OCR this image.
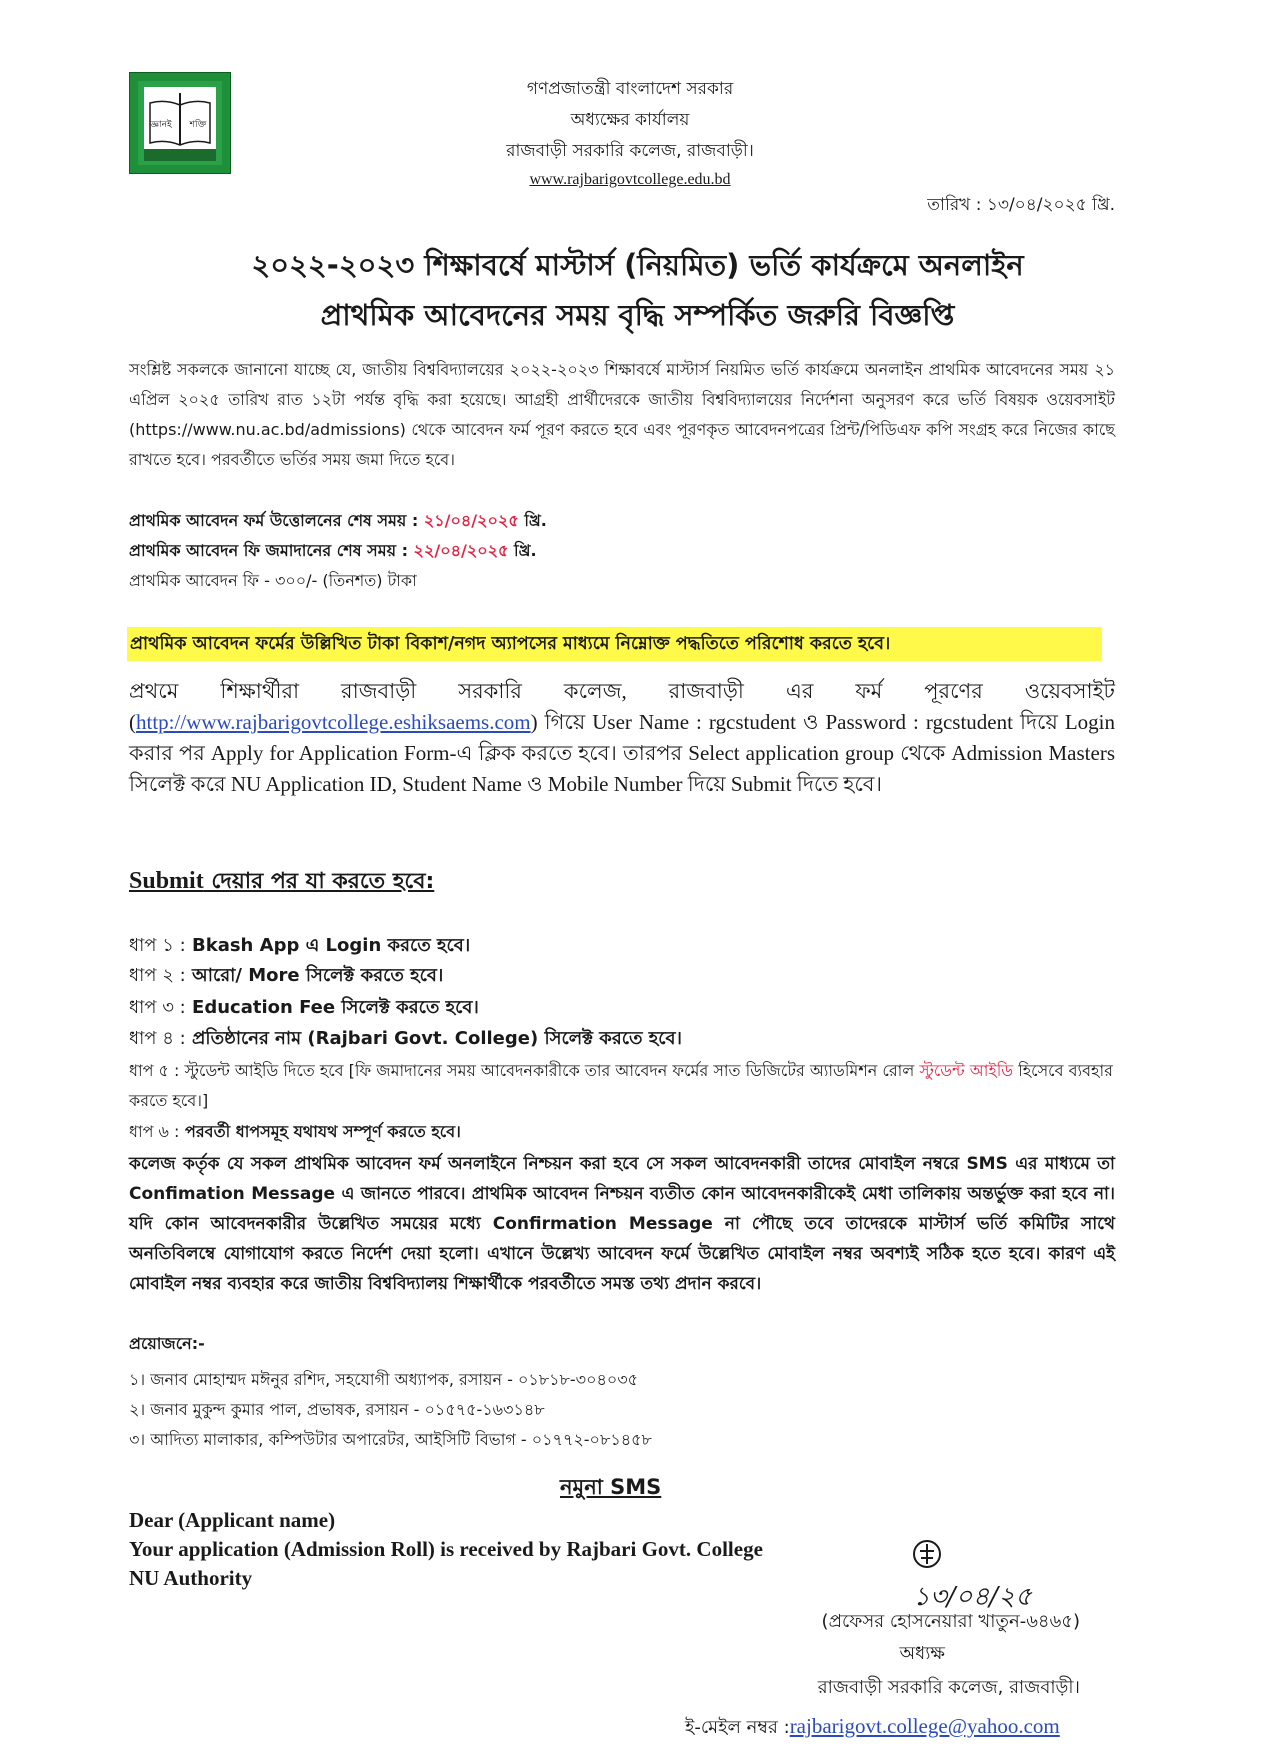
জ্ঞানই শক্তি
গণপ্রজাতন্ত্রী বাংলাদেশ সরকার
অধ্যক্ষের কার্যালয়
রাজবাড়ী সরকারি কলেজ, রাজবাড়ী।
www.rajbarigovtcollege.edu.bd
তারিখ : ১৩/০৪/২০২৫ খ্রি.
২০২২-২০২৩ শিক্ষাবর্ষে মাস্টার্স (নিয়মিত) ভর্তি কার্যক্রমে অনলাইন
প্রাথমিক আবেদনের সময় বৃদ্ধি সম্পর্কিত জরুরি বিজ্ঞপ্তি
সংশ্লিষ্ট সকলকে জানানো যাচ্ছে যে, জাতীয় বিশ্ববিদ্যালয়ের ২০২২-২০২৩ শিক্ষাবর্ষে মাস্টার্স নিয়মিত ভর্তি কার্যক্রমে অনলাইন প্রাথমিক আবেদনের সময় ২১ এপ্রিল ২০২৫ তারিখ রাত ১২টা পর্যন্ত বৃদ্ধি করা হয়েছে। আগ্রহী প্রার্থীদেরকে জাতীয় বিশ্ববিদ্যালয়ের নির্দেশনা অনুসরণ করে ভর্তি বিষয়ক ওয়েবসাইট (https://www.nu.ac.bd/admissions) থেকে আবেদন ফর্ম পূরণ করতে হবে এবং পূরণকৃত আবেদনপত্রের প্রিন্ট/পিডিএফ কপি সংগ্রহ করে নিজের কাছে রাখতে হবে। পরবর্তীতে ভর্তির সময় জমা দিতে হবে।
প্রাথমিক আবেদন ফর্ম উত্তোলনের শেষ সময় : ২১/০৪/২০২৫ খ্রি.
প্রাথমিক আবেদন ফি জমাদানের শেষ সময় : ২২/০৪/২০২৫ খ্রি.
প্রাথমিক আবেদন ফি - ৩০০/- (তিনশত) টাকা
প্রাথমিক আবেদন ফর্মের উল্লিখিত টাকা বিকাশ/নগদ অ্যাপসের মাধ্যমে নিম্নোক্ত পদ্ধতিতে পরিশোধ করতে হবে।
প্রথমে শিক্ষার্থীরা রাজবাড়ী সরকারি কলেজ, রাজবাড়ী এর ফর্ম পূরণের ওয়েবসাইট (http://www.rajbarigovtcollege.eshiksaems.com) গিয়ে User Name : rgcstudent ও Password : rgcstudent দিয়ে Login করার পর Apply for Application Form-এ ক্লিক করতে হবে। তারপর Select application group থেকে Admission Masters সিলেক্ট করে NU Application ID, Student Name ও Mobile Number দিয়ে Submit দিতে হবে।
Submit দেয়ার পর যা করতে হবে:
ধাপ ১ : Bkash App এ Login করতে হবে।
ধাপ ২ : আরো/ More সিলেক্ট করতে হবে।
ধাপ ৩ : Education Fee সিলেক্ট করতে হবে।
ধাপ ৪ : প্রতিষ্ঠানের নাম (Rajbari Govt. College) সিলেক্ট করতে হবে।
ধাপ ৫ : স্টুডেন্ট আইডি দিতে হবে [ফি জমাদানের সময় আবেদনকারীকে তার আবেদন ফর্মের সাত ডিজিটের অ্যাডমিশন রোল স্টুডেন্ট আইডি হিসেবে ব্যবহার করতে হবে।]
ধাপ ৬ : পরবর্তী ধাপসমূহ যথাযথ সম্পূর্ণ করতে হবে।
কলেজ কর্তৃক যে সকল প্রাথমিক আবেদন ফর্ম অনলাইনে নিশ্চয়ন করা হবে সে সকল আবেদনকারী তাদের মোবাইল নম্বরে SMS এর মাধ্যমে তা Confimation Message এ জানতে পারবে। প্রাথমিক আবেদন নিশ্চয়ন ব্যতীত কোন আবেদনকারীকেই মেধা তালিকায় অন্তর্ভুক্ত করা হবে না। যদি কোন আবেদনকারীর উল্লেখিত সময়ের মধ্যে Confirmation Message না পৌছে তবে তাদেরকে মাস্টার্স ভর্তি কমিটির সাথে অনতিবিলম্বে যোগাযোগ করতে নির্দেশ দেয়া হলো। এখানে উল্লেখ্য আবেদন ফর্মে উল্লেখিত মোবাইল নম্বর অবশ্যই সঠিক হতে হবে। কারণ এই মোবাইল নম্বর ব্যবহার করে জাতীয় বিশ্ববিদ্যালয় শিক্ষার্থীকে পরবর্তীতে সমস্ত তথ্য প্রদান করবে।
প্রয়োজনে:-
১। জনাব মোহাম্মদ মঈনুর রশিদ, সহযোগী অধ্যাপক, রসায়ন - ০১৮১৮-৩০৪০৩৫
২। জনাব মুকুন্দ কুমার পাল, প্রভাষক, রসায়ন - ০১৫৭৫-১৬৩১৪৮
৩। আদিত্য মালাকার, কম্পিউটার অপারেটর, আইসিটি বিভাগ - ০১৭৭২-০৮১৪৫৮
নমুনা SMS
Dear (Applicant name)
Your application (Admission Roll) is received by Rajbari Govt. College
NU Authority
১৩/০৪/২৫
(প্রফেসর হোসনেয়ারা খাতুন-৬৪৬৫)
অধ্যক্ষ
রাজবাড়ী সরকারি কলেজ, রাজবাড়ী।
ই-মেইল নম্বর :rajbarigovt.college@yahoo.com
